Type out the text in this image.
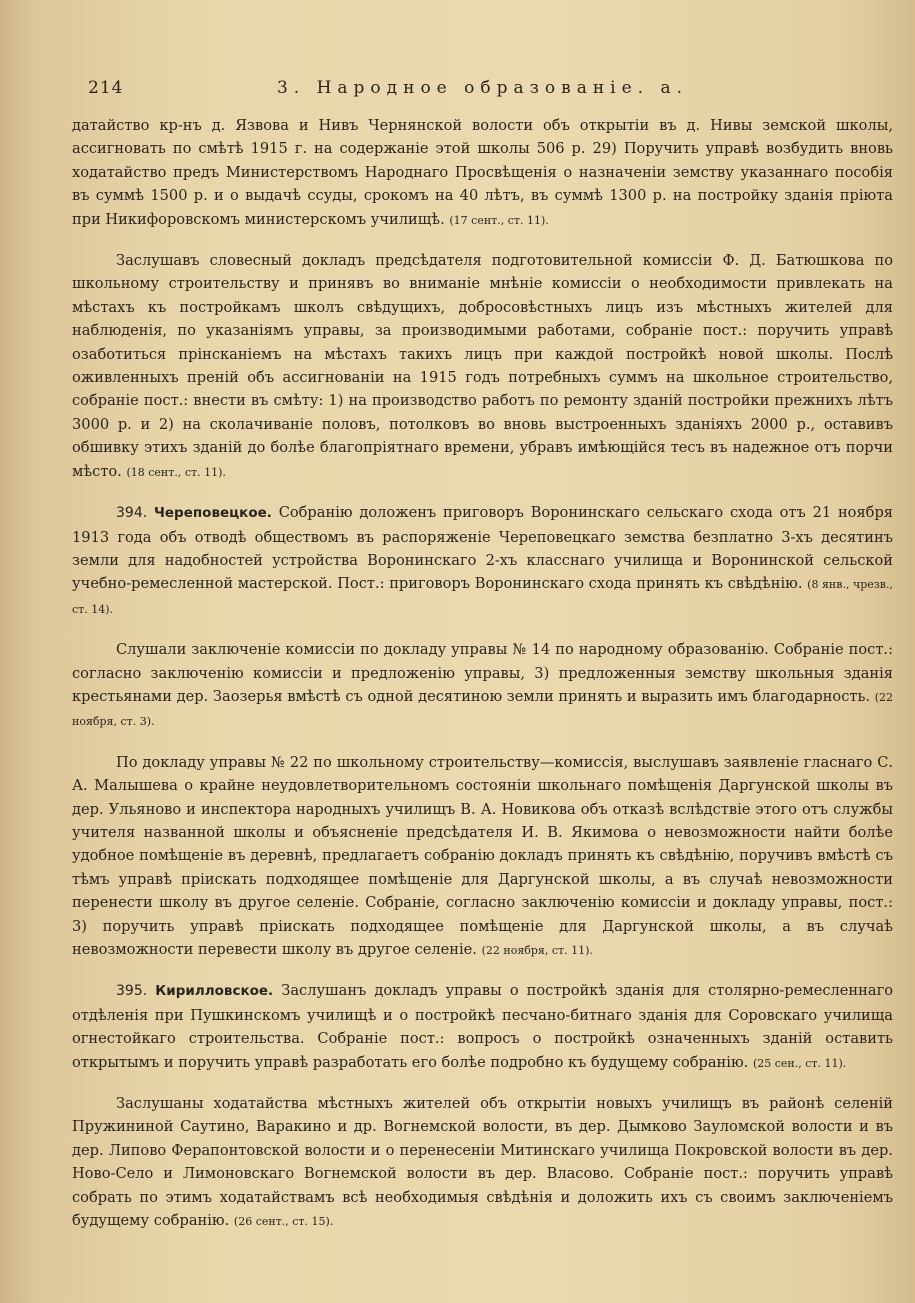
214	3. Народное образованіе. а.

датайство кр-нъ д. Язвова и Нивъ Чернянской волости объ открытіи въ д. Нивы земской школы, ассигновать по смѣтѣ 1915 г. на содержаніе этой школы 506 р. 29) Поручить управѣ возбудить вновь ходатайство предъ Министерствомъ Народнаго Просвѣщенія о назначеніи земству указаннаго пособія въ суммѣ 1500 р. и о выдачѣ ссуды, срокомъ на 40 лѣтъ, въ суммѣ 1300 р. на постройку зданія пріюта при Никифоровскомъ министерскомъ училищѣ. (17 сент., ст. 11).

Заслушавъ словесный докладъ предсѣдателя подготовительной комиссіи Ф. Д. Батюшкова по школьному строительству и принявъ во вниманіе мнѣніе комиссіи о необходимости привлекать на мѣстахъ къ постройкамъ школъ свѣдущихъ, добросовѣстныхъ лицъ изъ мѣстныхъ жителей для наблюденія, по указаніямъ управы, за производимыми работами, собраніе пост.: поручить управѣ озаботиться прінсканіемъ на мѣстахъ такихъ лицъ при каждой постройкѣ новой школы. Послѣ оживленныхъ преній объ ассигнованіи на 1915 годъ потребныхъ суммъ на школьное строительство, собраніе пост.: внести въ смѣту: 1) на производство работъ по ремонту зданій постройки прежнихъ лѣтъ 3000 р. и 2) на сколачиваніе половъ, потолковъ во вновь выстроенныхъ зданіяхъ 2000 р., оставивъ обшивку этихъ зданій до болѣе благопріятнаго времени, убравъ имѣющійся тесъ въ надежное отъ порчи мѣсто. (18 сент., ст. 11).

394. Череповецкое. Собранію доложенъ приговоръ Воронинскаго сельскаго схода отъ 21 ноября 1913 года объ отводѣ обществомъ въ распоряженіе Череповецкаго земства безплатно 3-хъ десятинъ земли для надобностей устройства Воронинскаго 2-хъ класснаго училища и Воронинской сельской учебно-ремесленной мастерской. Пост.: приговоръ Воронинскаго схода принять къ свѣдѣнію. (8 янв., чрезв., ст. 14).

Слушали заключеніе комиссіи по докладу управы № 14 по народному образованію. Собраніе пост.: согласно заключенію комиссіи и предложенію управы, 3) предложенныя земству школьныя зданія крестьянами дер. Заозерья вмѣстѣ съ одной десятиною земли принять и выразить имъ благодарность. (22 ноября, ст. 3).

По докладу управы № 22 по школьному строительству—комиссія, выслушавъ заявленіе гласнаго С. А. Малышева о крайне неудовлетворительномъ состояніи школьнаго помѣщенія Даргунской школы въ дер. Ульяново и инспектора народныхъ училищъ В. А. Новикова объ отказѣ вслѣдствіе этого отъ службы учителя названной школы и объясненіе предсѣдателя И. В. Якимова о невозможности найти болѣе удобное помѣщеніе въ деревнѣ, предлагаетъ собранію докладъ принять къ свѣдѣнію, поручивъ вмѣстѣ съ тѣмъ управѣ пріискать подходящее помѣщеніе для Даргунской школы, а въ случаѣ невозможности перенести школу въ другое селеніе. Собраніе, согласно заключенію комиссіи и докладу управы, пост.: 3) поручить управѣ пріискать подходящее помѣщеніе для Даргунской школы, а въ случаѣ невозможности перевести школу въ другое селеніе. (22 ноября, ст. 11).

395. Кирилловское. Заслушанъ докладъ управы о постройкѣ зданія для столярно-ремесленнаго отдѣленія при Пушкинскомъ училищѣ и о постройкѣ песчано-битнаго зданія для Соровскаго училища огнестойкаго строительства. Собраніе пост.: вопросъ о постройкѣ означенныхъ зданій оставить открытымъ и поручить управѣ разработать его болѣе подробно къ будущему собранію. (25 сен., ст. 11).

Заслушаны ходатайства мѣстныхъ жителей объ открытіи новыхъ училищъ въ районѣ селеній Пружининой Саутино, Варакино и др. Вогнемской волости, въ дер. Дымково Зауломской волости и въ дер. Липово Ферапонтовской волости и о перенесеніи Митинскаго училища Покровской волости въ дер. Ново-Село и Лимоновскаго Вогнемской волости въ дер. Власово. Собраніе пост.: поручить управѣ собрать по этимъ ходатайствамъ всѣ необходимыя свѣдѣнія и доложить ихъ съ своимъ заключеніемъ будущему собранію. (26 сент., ст. 15).
